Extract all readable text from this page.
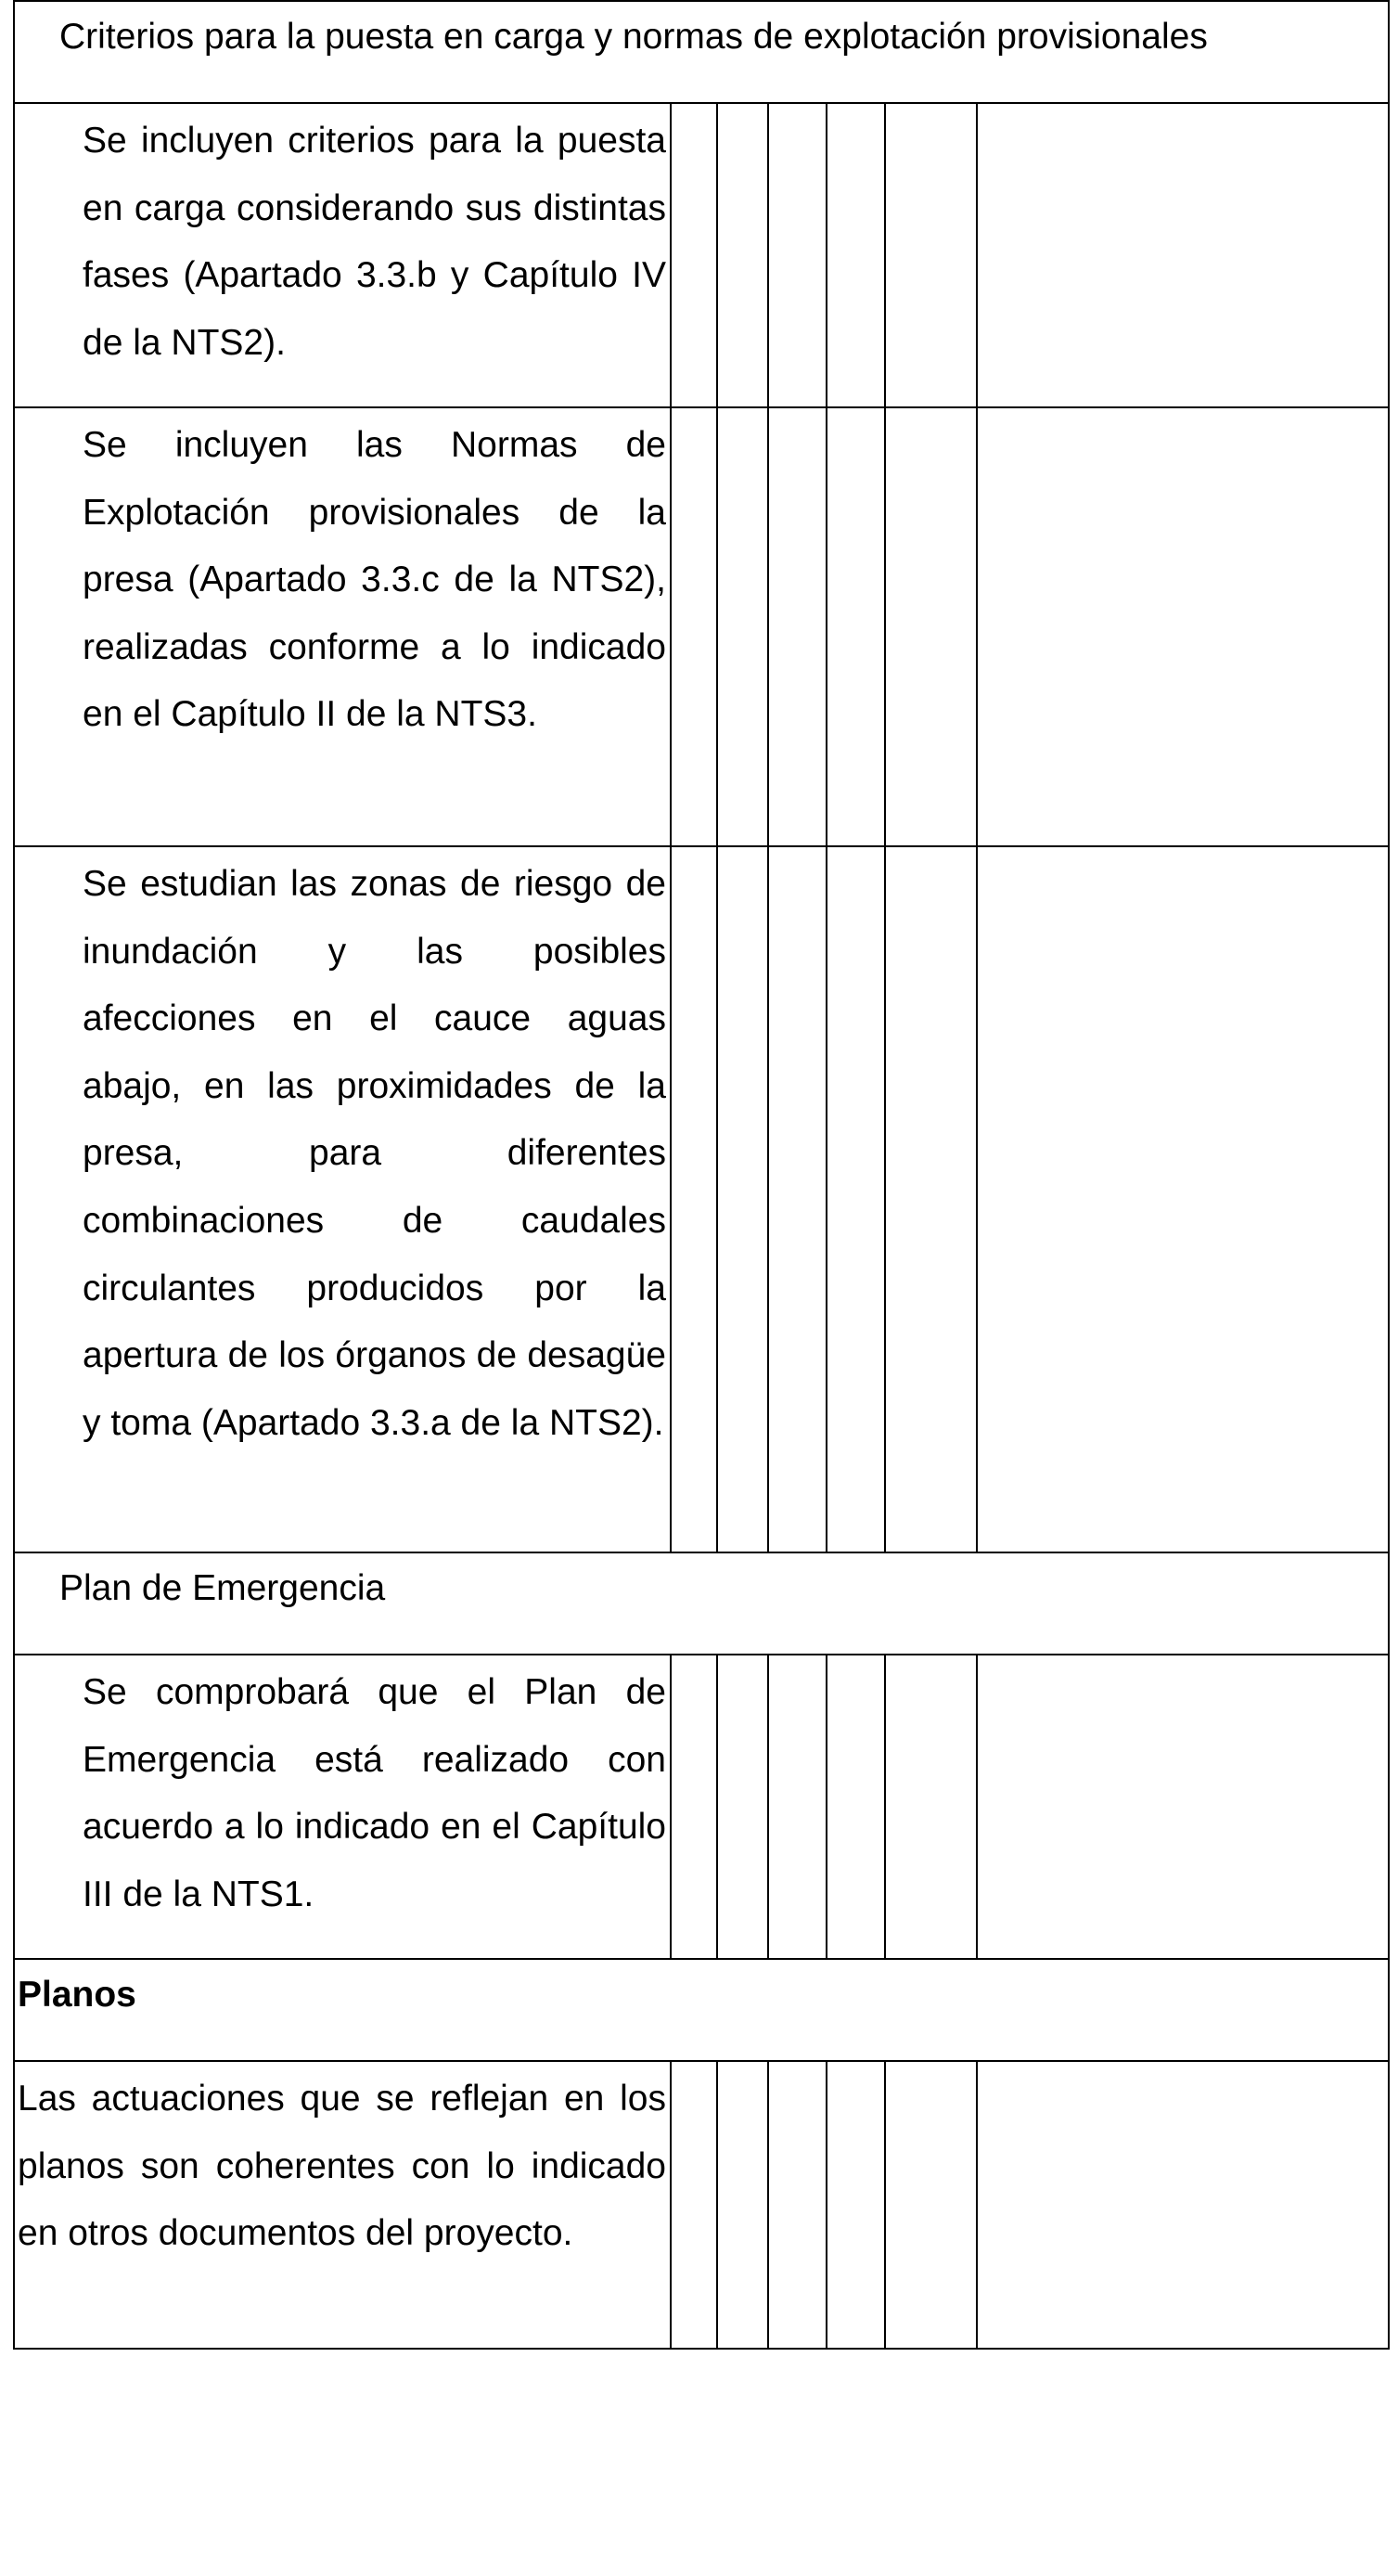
Criterios para la puesta en carga y normas de explotación provisionales						

Se incluyen criterios para la puesta en carga considerando sus distintas fases (Apartado 3.3.b y Capítulo IV de la NTS2).						

Se incluyen las Normas de Explotación provisionales de la presa (Apartado 3.3.c de la NTS2), realizadas conforme a lo indicado en el Capítulo II de la NTS3.						

Se estudian las zonas de riesgo de inundación y las posibles afecciones en el cauce aguas abajo, en las proximidades de la presa, para diferentes combinaciones de caudales circulantes producidos por la apertura de los órganos de desagüe y toma (Apartado 3.3.a de la NTS2).						

Plan de Emergencia						

Se comprobará que el Plan de Emergencia está realizado con acuerdo a lo indicado en el Capítulo III de la NTS1.						

Planos						

Las actuaciones que se reflejan en los planos son coherentes con lo indicado en otros documentos del proyecto.						
